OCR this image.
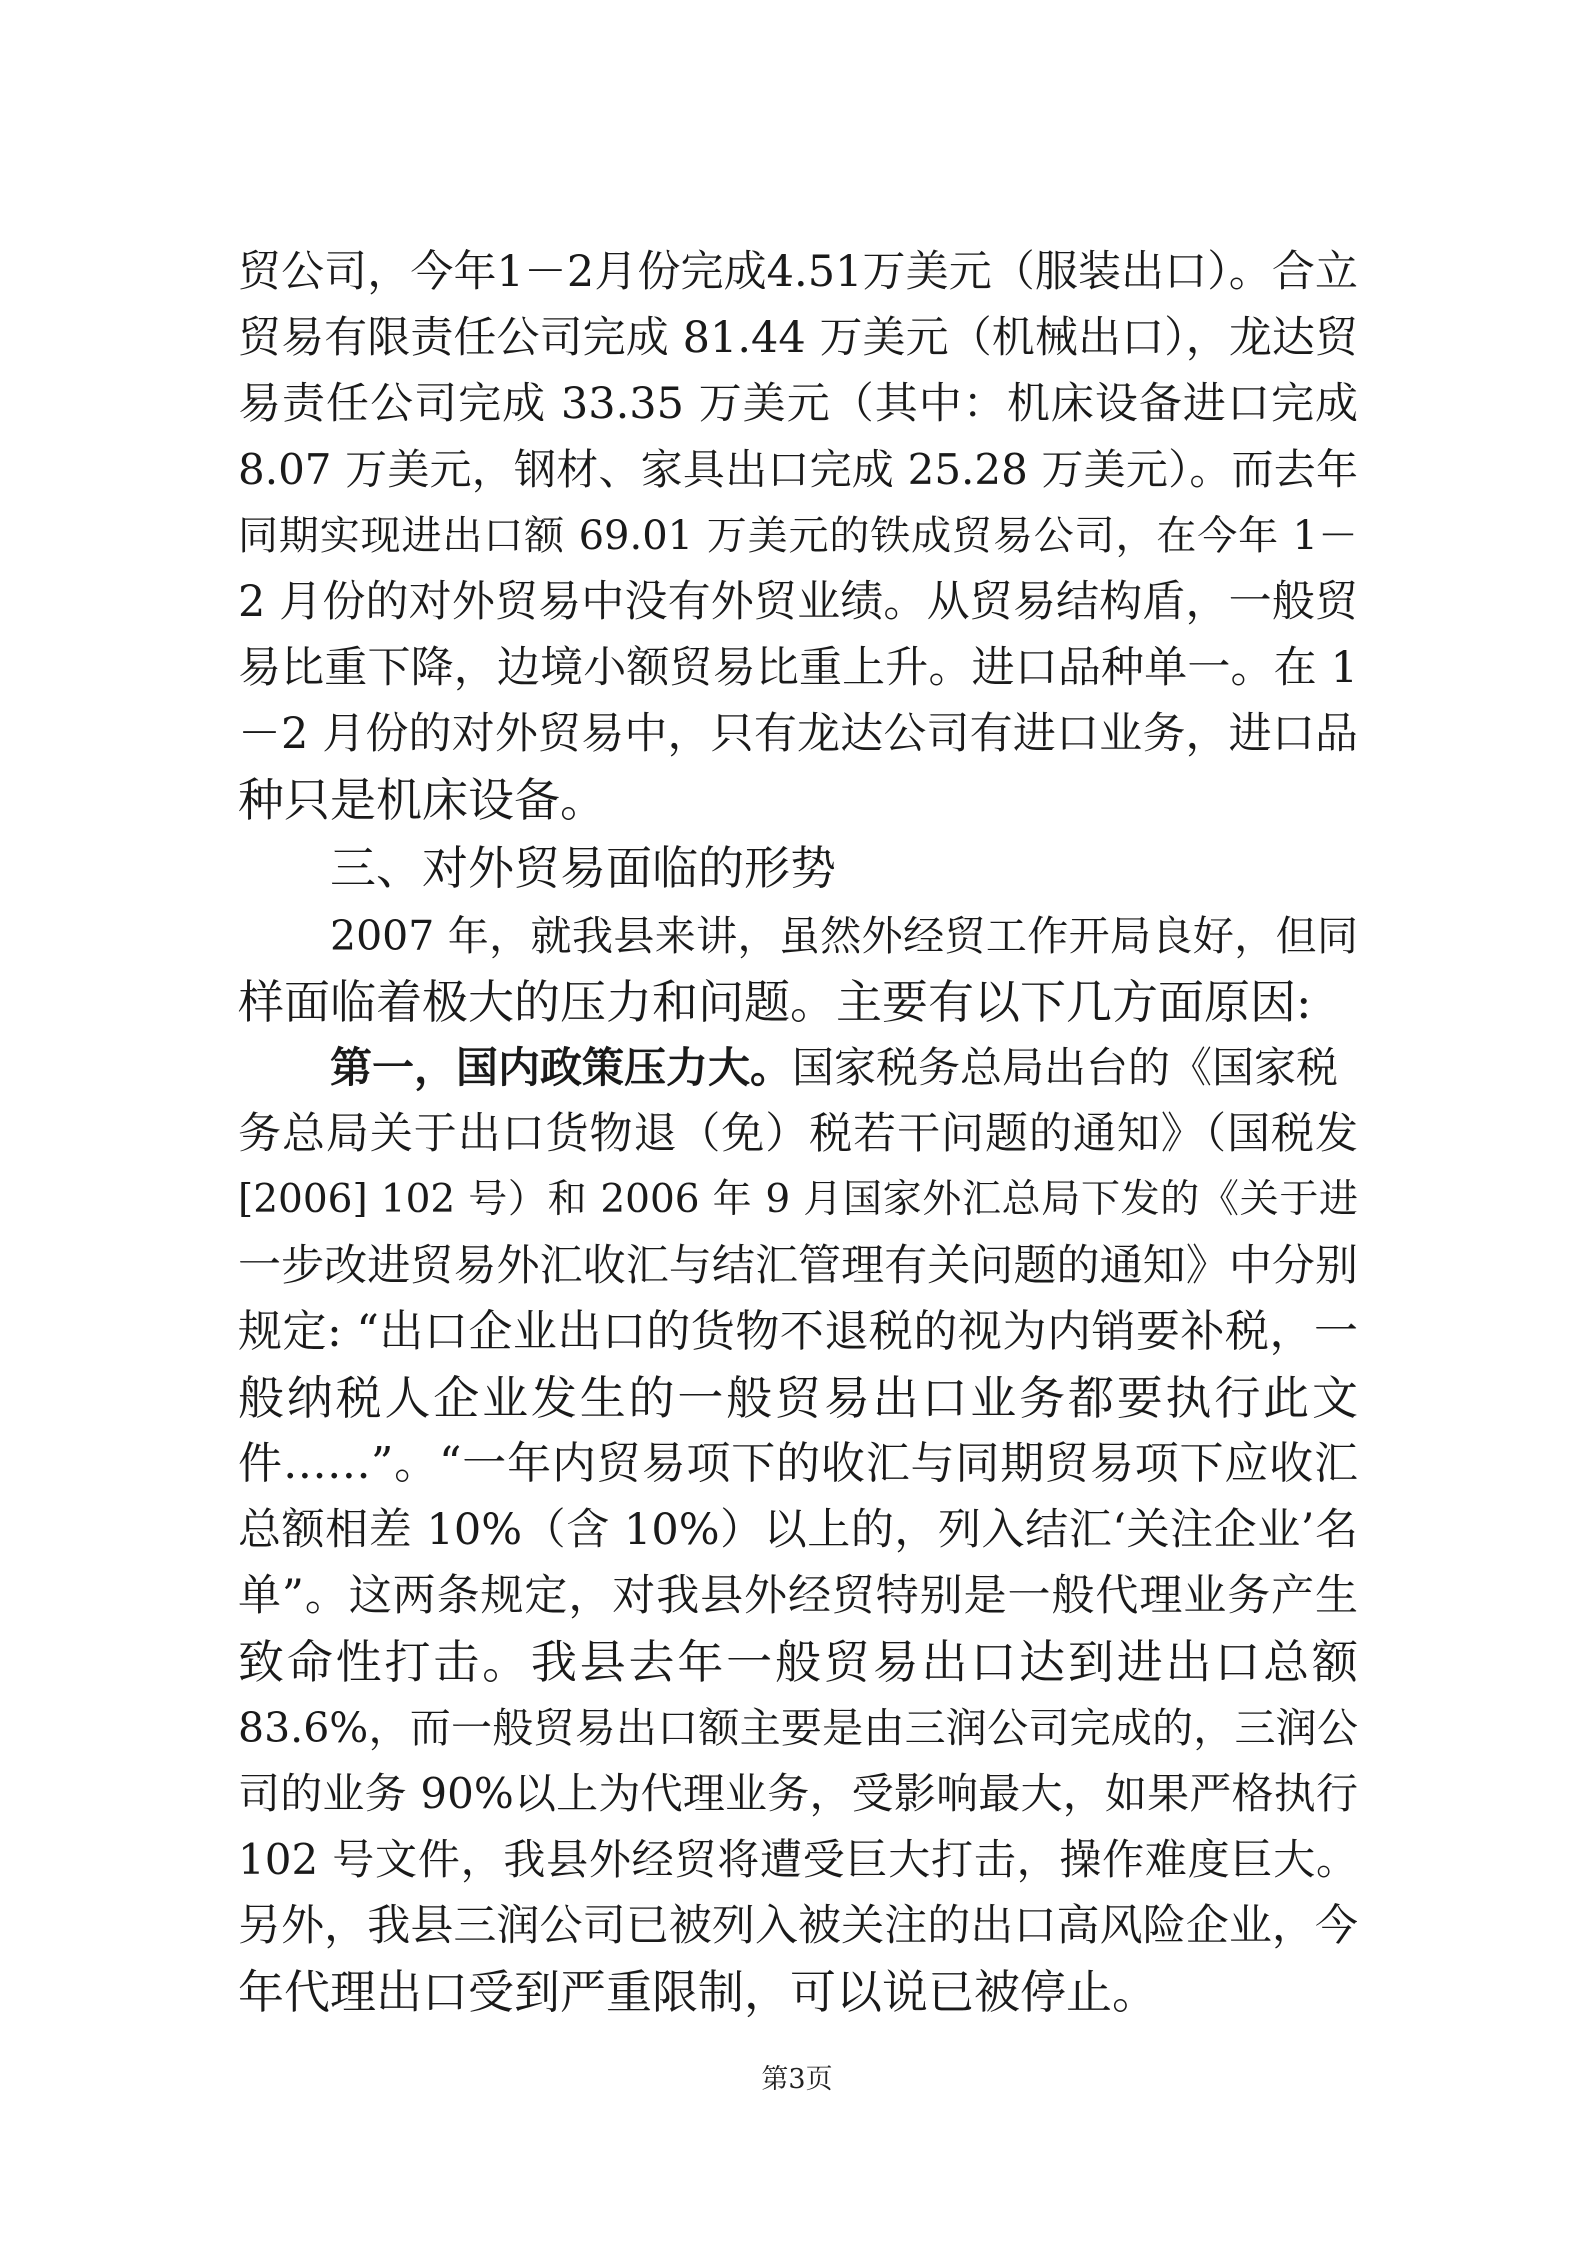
贸公司，今年1－2月份完成4.51万美元（服装出口）。合立
贸易有限责任公司完成 81.44 万美元（机械出口），龙达贸
易责任公司完成 33.35 万美元（其中：机床设备进口完成
8.07 万美元，钢材、家具出口完成 25.28 万美元）。而去年
同期实现进出口额 69.01 万美元的铁成贸易公司，在今年 1－
2 月份的对外贸易中没有外贸业绩。从贸易结构盾，一般贸
易比重下降，边境小额贸易比重上升。进口品种单一。在 1
－2 月份的对外贸易中，只有龙达公司有进口业务，进口品
种只是机床设备。
三、对外贸易面临的形势
2007 年，就我县来讲，虽然外经贸工作开局良好，但同
样面临着极大的压力和问题。主要有以下几方面原因:
第一，国内政策压力大。国家税务总局出台的《国家税
务总局关于出口货物退（免）税若干问题的通知》（国税发
[2006] 102 号）和 2006 年 9 月国家外汇总局下发的《关于进
一步改进贸易外汇收汇与结汇管理有关问题的通知》中分别
规定: “出口企业出口的货物不退税的视为内销要补税，一
般纳税人企业发生的一般贸易出口业务都要执行此文
件……”。“一年内贸易项下的收汇与同期贸易项下应收汇
总额相差 10%（含 10%）以上的，列入结汇‘关注企业’名
单”。这两条规定，对我县外经贸特别是一般代理业务产生
致命性打击。我县去年一般贸易出口达到进出口总额
83.6%，而一般贸易出口额主要是由三润公司完成的，三润公
司的业务 90%以上为代理业务，受影响最大，如果严格执行
102 号文件，我县外经贸将遭受巨大打击，操作难度巨大。
另外，我县三润公司已被列入被关注的出口高风险企业，今
年代理出口受到严重限制，可以说已被停止。
第3页
